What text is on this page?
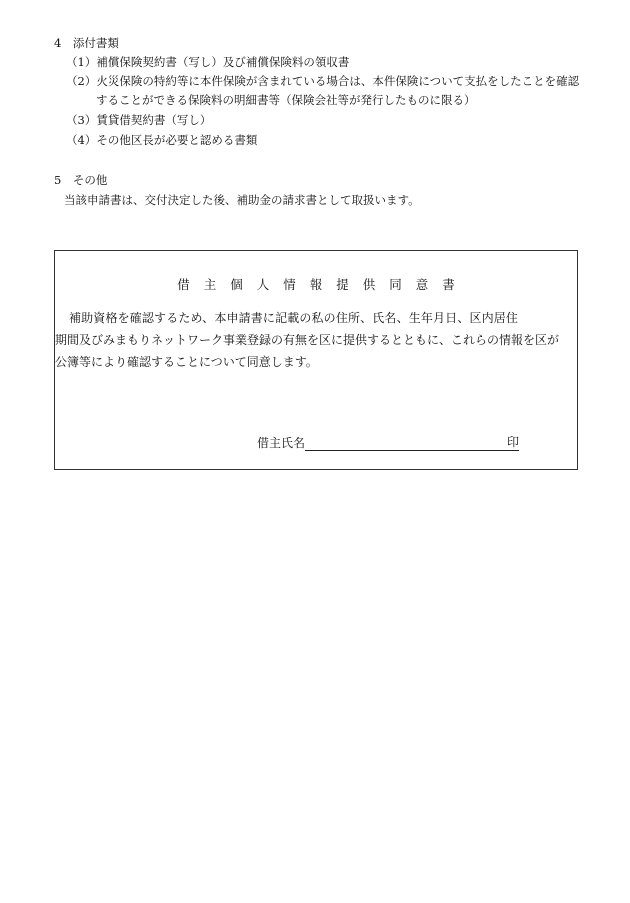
4　添付書類
（1）補償保険契約書（写し）及び補償保険料の領収書
（2）火災保険の特約等に本件保険が含まれている場合は、本件保険について支払をしたことを確認
することができる保険料の明細書等（保険会社等が発行したものに限る）
（3）賃貸借契約書（写し）
（4）その他区長が必要と認める書類
5　その他
当該申請書は、交付決定した後、補助金の請求書として取扱います。
借主個人情報提供同意書
補助資格を確認するため、本申請書に記載の私の住所、氏名、生年月日、区内居住
期間及びみまもりネットワーク事業登録の有無を区に提供するとともに、これらの情報を区が
公簿等により確認することについて同意します。
借主氏名	印
